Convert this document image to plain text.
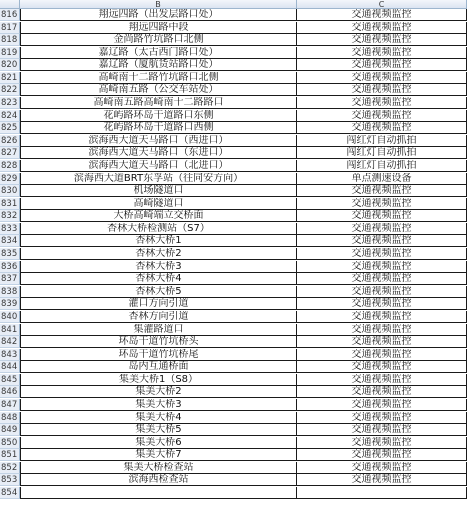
B	C
816	翔远四路（出发层路口处）	交通视频监控
817	翔远四路中段	交通视频监控
818	金尚路竹坑路口北侧	交通视频监控
819	嘉辽路（太古西门路口处）	交通视频监控
820	嘉辽路（厦航货站路口处）	交通视频监控
821	高崎南十二路竹坑路口北侧	交通视频监控
822	高崎南五路（公交车站处）	交通视频监控
823	高崎南五路高崎南十二路路口	交通视频监控
824	花屿路环岛干道路口东侧	交通视频监控
825	花屿路环岛干道路口西侧	交通视频监控
826	滨海西大道天马路口（西进口）	闯红灯自动抓拍
827	滨海西大道天马路口（东进口）	闯红灯自动抓拍
828	滨海西大道天马路口（北进口）	闯红灯自动抓拍
829	滨海西大道BRT东孚站（往同安方向）	单点测速设备
830	机场隧道口	交通视频监控
831	高崎隧道口	交通视频监控
832	大桥高崎端立交桥面	交通视频监控
833	杏林大桥检测站（S7）	交通视频监控
834	杏林大桥1	交通视频监控
835	杏林大桥2	交通视频监控
836	杏林大桥3	交通视频监控
837	杏林大桥4	交通视频监控
838	杏林大桥5	交通视频监控
839	灌口方向引道	交通视频监控
840	杏林方向引道	交通视频监控
841	集灌路道口	交通视频监控
842	环岛干道竹坑桥头	交通视频监控
843	环岛干道竹坑桥尾	交通视频监控
844	岛内互通桥面	交通视频监控
845	集美大桥1（S8）	交通视频监控
846	集美大桥2	交通视频监控
847	集美大桥3	交通视频监控
848	集美大桥4	交通视频监控
849	集美大桥5	交通视频监控
850	集美大桥6	交通视频监控
851	集美大桥7	交通视频监控
852	集美大桥检查站	交通视频监控
853	滨海西检查站	交通视频监控
854
